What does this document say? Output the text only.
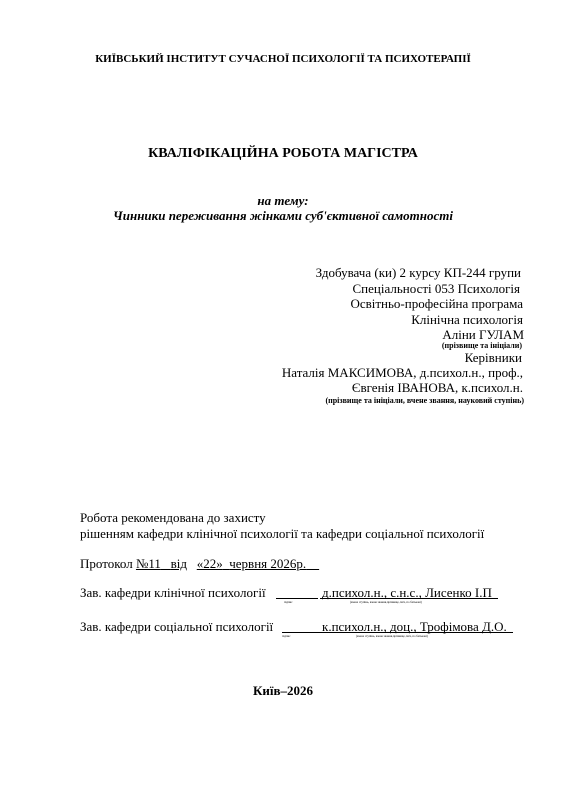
КИЇВСЬКИЙ ІНСТИТУТ СУЧАСНОЇ ПСИХОЛОГІЇ ТА ПСИХОТЕРАПІЇ
КВАЛІФІКАЦІЙНА РОБОТА МАГІСТРА
на тему:
Чинники переживання жінками суб'єктивної самотності
Здобувача (ки) 2 курсу КП-244 групи
Спеціальності 053 Психологія
Освітньо-професійна програма
Клінічна психологія
Аліни ГУЛАМ
(прізвище та ініціали)
Керівники
Наталія МАКСИМОВА, д.психол.н., проф.,
Євгенія ІВАНОВА, к.психол.н.
(прізвище та ініціали, вчене звання, науковий ступінь)
Робота рекомендована до захисту
рішенням кафедри клінічної психології та кафедри соціальної психології
Протокол №11 від «22» червня 2026р.
Зав. кафедри клінічної психології	д.психол.н., с.н.с., Лисенко І.П
підпис	(вчена ступінь, вчене звання,прізвище, ім'я, по батькові)
Зав. кафедри соціальної психології	к.психол.н., доц., Трофімова Д.О.
підпис	(вчена ступінь, вчене звання,прізвище, ім'я, по батькові)
Київ–2026
